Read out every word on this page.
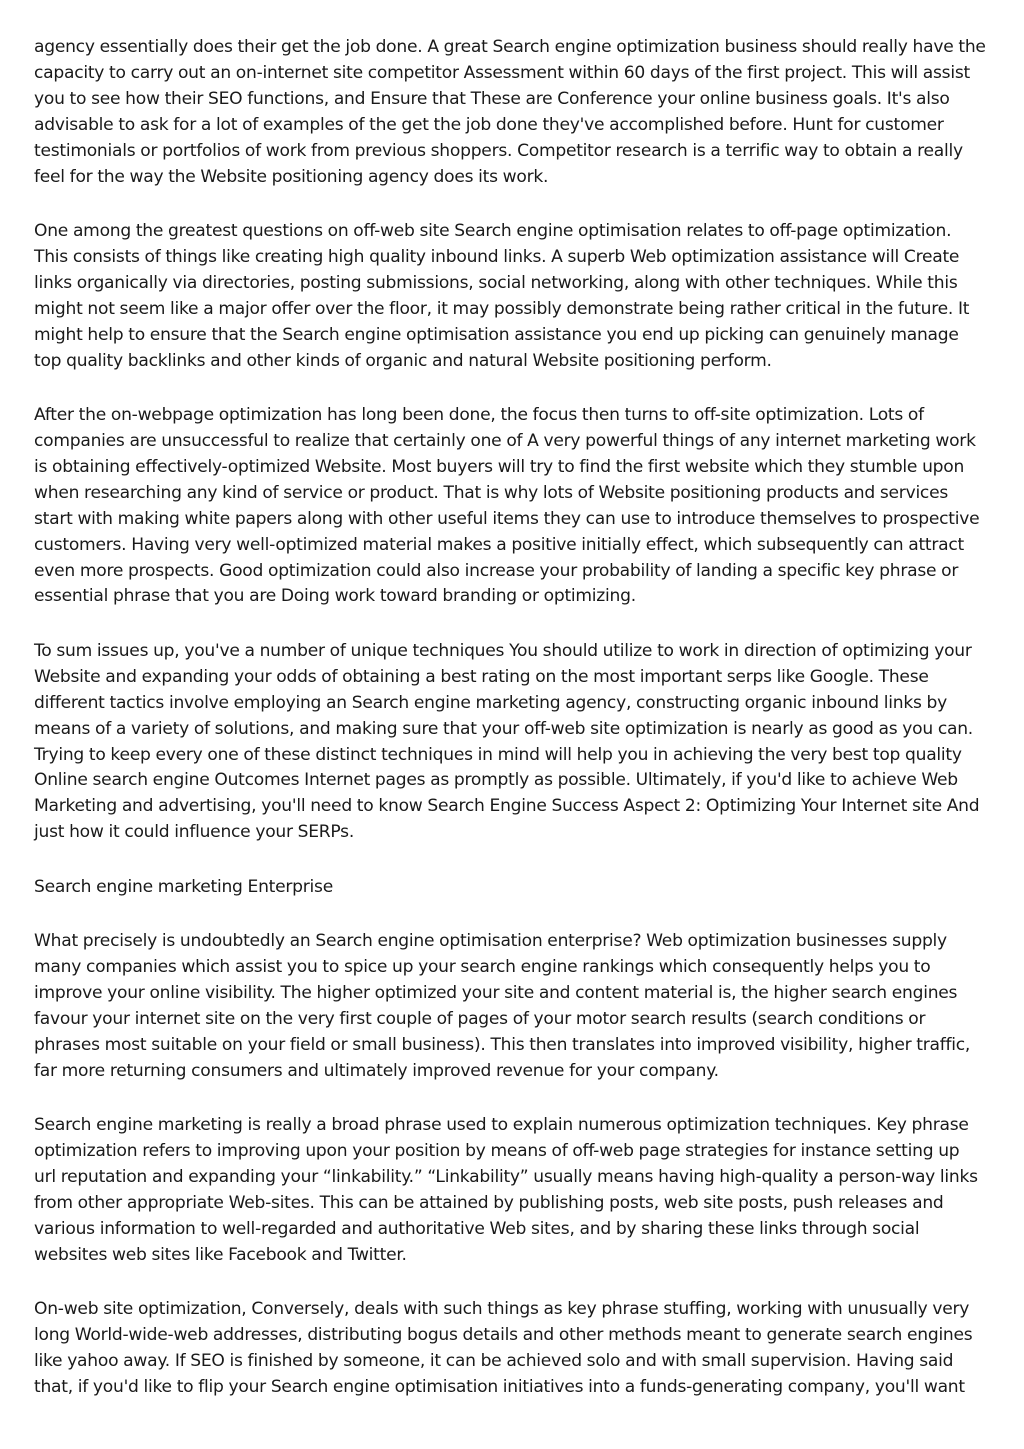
agency essentially does their get the job done. A great Search engine optimization business should really have the
capacity to carry out an on-internet site competitor Assessment within 60 days of the first project. This will assist
you to see how their SEO functions, and Ensure that These are Conference your online business goals. It's also
advisable to ask for a lot of examples of the get the job done they've accomplished before. Hunt for customer
testimonials or portfolios of work from previous shoppers. Competitor research is a terrific way to obtain a really
feel for the way the Website positioning agency does its work.

One among the greatest questions on off-web site Search engine optimisation relates to off-page optimization.
This consists of things like creating high quality inbound links. A superb Web optimization assistance will Create
links organically via directories, posting submissions, social networking, along with other techniques. While this
might not seem like a major offer over the floor, it may possibly demonstrate being rather critical in the future. It
might help to ensure that the Search engine optimisation assistance you end up picking can genuinely manage
top quality backlinks and other kinds of organic and natural Website positioning perform.

After the on-webpage optimization has long been done, the focus then turns to off-site optimization. Lots of
companies are unsuccessful to realize that certainly one of A very powerful things of any internet marketing work
is obtaining effectively-optimized Website. Most buyers will try to find the first website which they stumble upon
when researching any kind of service or product. That is why lots of Website positioning products and services
start with making white papers along with other useful items they can use to introduce themselves to prospective
customers. Having very well-optimized material makes a positive initially effect, which subsequently can attract
even more prospects. Good optimization could also increase your probability of landing a specific key phrase or
essential phrase that you are Doing work toward branding or optimizing.

To sum issues up, you've a number of unique techniques You should utilize to work in direction of optimizing your
Website and expanding your odds of obtaining a best rating on the most important serps like Google. These
different tactics involve employing an Search engine marketing agency, constructing organic inbound links by
means of a variety of solutions, and making sure that your off-web site optimization is nearly as good as you can.
Trying to keep every one of these distinct techniques in mind will help you in achieving the very best top quality
Online search engine Outcomes Internet pages as promptly as possible. Ultimately, if you'd like to achieve Web
Marketing and advertising, you'll need to know Search Engine Success Aspect 2: Optimizing Your Internet site And
just how it could influence your SERPs.

Search engine marketing Enterprise

What precisely is undoubtedly an Search engine optimisation enterprise? Web optimization businesses supply
many companies which assist you to spice up your search engine rankings which consequently helps you to
improve your online visibility. The higher optimized your site and content material is, the higher search engines
favour your internet site on the very first couple of pages of your motor search results (search conditions or
phrases most suitable on your field or small business). This then translates into improved visibility, higher traffic,
far more returning consumers and ultimately improved revenue for your company.

Search engine marketing is really a broad phrase used to explain numerous optimization techniques. Key phrase
optimization refers to improving upon your position by means of off-web page strategies for instance setting up
url reputation and expanding your “linkability.” “Linkability” usually means having high-quality a person-way links
from other appropriate Web-sites. This can be attained by publishing posts, web site posts, push releases and
various information to well-regarded and authoritative Web sites, and by sharing these links through social
websites web sites like Facebook and Twitter.

On-web site optimization, Conversely, deals with such things as key phrase stuffing, working with unusually very
long World-wide-web addresses, distributing bogus details and other methods meant to generate search engines
like yahoo away. If SEO is finished by someone, it can be achieved solo and with small supervision. Having said
that, if you'd like to flip your Search engine optimisation initiatives into a funds-generating company, you'll want
